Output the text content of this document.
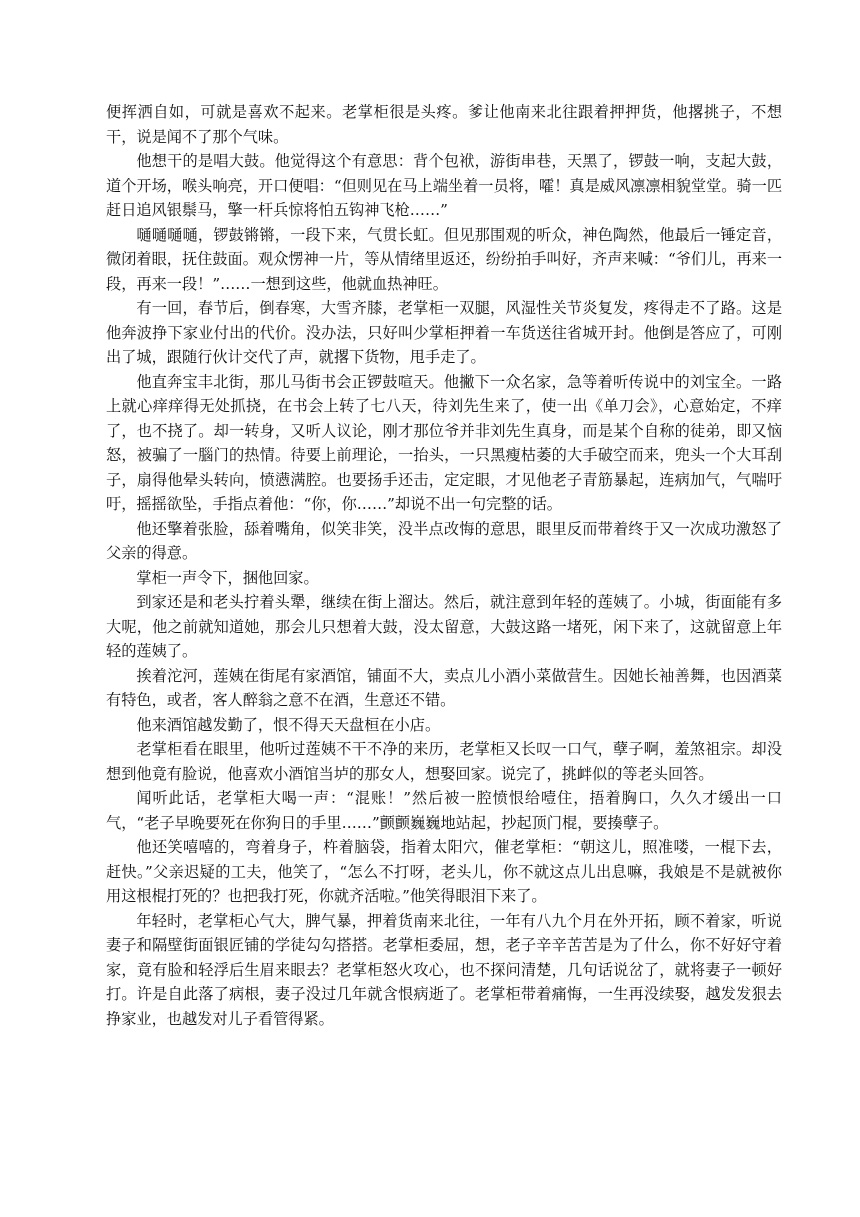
便挥洒自如，可就是喜欢不起来。老掌柜很是头疼。爹让他南来北往跟着押押货，他撂挑子，不想干，说是闻不了那个气味。

他想干的是唱大鼓。他觉得这个有意思：背个包袱，游街串巷，天黑了，锣鼓一响，支起大鼓，道个开场，喉头响亮，开口便唱：“但则见在马上端坐着一员将，嚯！真是威风凛凛相貌堂堂。骑一匹赶日追风银鬃马，擎一杆兵惊将怕五钩神飞枪……”

嗵嗵嗵嗵，锣鼓锵锵，一段下来，气贯长虹。但见那围观的听众，神色陶然，他最后一锤定音，微闭着眼，抚住鼓面。观众愣神一片，等从情绪里返还，纷纷拍手叫好，齐声来喊：“爷们儿，再来一段，再来一段！”……一想到这些，他就血热神旺。

有一回，春节后，倒春寒，大雪齐膝，老掌柜一双腿，风湿性关节炎复发，疼得走不了路。这是他奔波挣下家业付出的代价。没办法，只好叫少掌柜押着一车货送往省城开封。他倒是答应了，可刚出了城，跟随行伙计交代了声，就撂下货物，甩手走了。

他直奔宝丰北街，那儿马街书会正锣鼓喧天。他撇下一众名家，急等着听传说中的刘宝全。一路上就心痒痒得无处抓挠，在书会上转了七八天，待刘先生来了，使一出《单刀会》，心意始定，不痒了，也不挠了。却一转身，又听人议论，刚才那位爷并非刘先生真身，而是某个自称的徒弟，即又恼怒，被骗了一腦门的热情。待要上前理论，一抬头，一只黑瘦枯萎的大手破空而来，兜头一个大耳刮子，扇得他晕头转向，愤懑满腔。也要扬手还击，定定眼，才见他老子青筋暴起，连病加气，气喘吁吁，摇摇欲坠，手指点着他：“你，你……”却说不出一句完整的话。

他还擎着张脸，舔着嘴角，似笑非笑，没半点改悔的意思，眼里反而带着终于又一次成功激怒了父亲的得意。

掌柜一声令下，捆他回家。

到家还是和老头拧着头犟，继续在街上溜达。然后，就注意到年轻的莲姨了。小城，街面能有多大呢，他之前就知道她，那会儿只想着大鼓，没太留意，大鼓这路一堵死，闲下来了，这就留意上年轻的莲姨了。

挨着沱河，莲姨在街尾有家酒馆，铺面不大，卖点儿小酒小菜做营生。因她长袖善舞，也因酒菜有特色，或者，客人醉翁之意不在酒，生意还不错。

他来酒馆越发勤了，恨不得天天盘桓在小店。

老掌柜看在眼里，他听过莲姨不干不净的来历，老掌柜又长叹一口气，孽子啊，羞煞祖宗。却没想到他竟有脸说，他喜欢小酒馆当垆的那女人，想娶回家。说完了，挑衅似的等老头回答。

闻听此话，老掌柜大喝一声：“混账！”然后被一腔愤恨给噎住，捂着胸口，久久才缓出一口气，“老子早晚要死在你狗日的手里……”颤颤巍巍地站起，抄起顶门棍，要揍孽子。

他还笑嘻嘻的，弯着身子，杵着脑袋，指着太阳穴，催老掌柜：“朝这儿，照准喽，一棍下去，赶快。”父亲迟疑的工夫，他笑了，“怎么不打呀，老头儿，你不就这点儿出息嘛，我娘是不是就被你用这根棍打死的？也把我打死，你就齐活啦。”他笑得眼泪下来了。

年轻时，老掌柜心气大，脾气暴，押着货南来北往，一年有八九个月在外开拓，顾不着家，听说妻子和隔壁街面银匠铺的学徒勾勾搭搭。老掌柜委屈，想，老子辛辛苦苦是为了什么，你不好好守着家，竟有脸和轻浮后生眉来眼去？老掌柜怒火攻心，也不探问清楚，几句话说岔了，就将妻子一顿好打。许是自此落了病根，妻子没过几年就含恨病逝了。老掌柜带着痛悔，一生再没续娶，越发发狠去挣家业，也越发对儿子看管得紧。
